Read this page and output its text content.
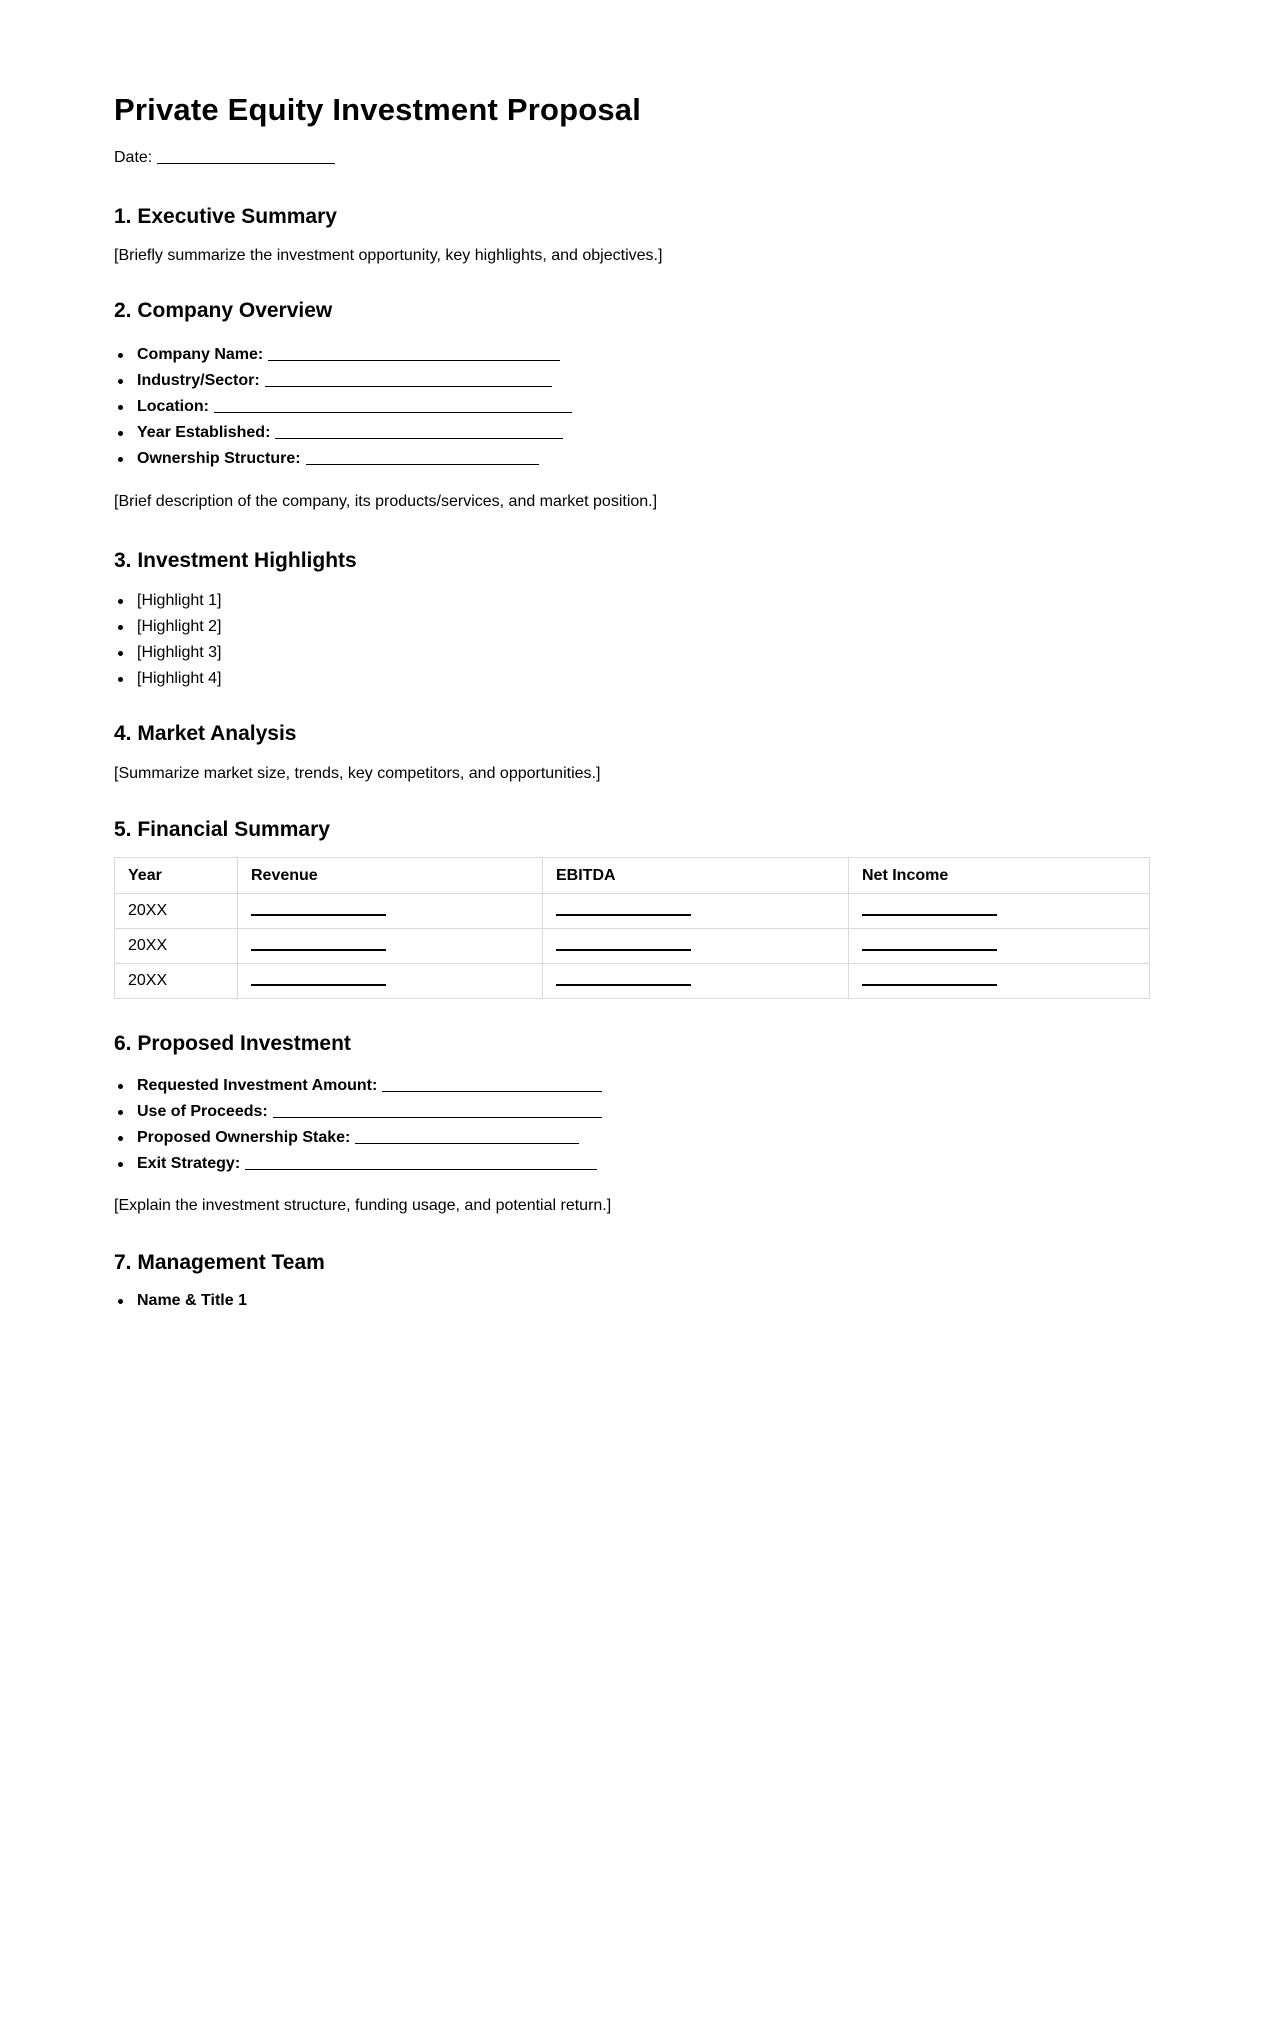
Private Equity Investment Proposal
Date:
1. Executive Summary
[Briefly summarize the investment opportunity, key highlights, and objectives.]
2. Company Overview
Company Name:
Industry/Sector:
Location:
Year Established:
Ownership Structure:
[Brief description of the company, its products/services, and market position.]
3. Investment Highlights
[Highlight 1]
[Highlight 2]
[Highlight 3]
[Highlight 4]
4. Market Analysis
[Summarize market size, trends, key competitors, and opportunities.]
5. Financial Summary
Year	Revenue	EBITDA	Net Income
20XX			
20XX			
20XX			
6. Proposed Investment
Requested Investment Amount:
Use of Proceeds:
Proposed Ownership Stake:
Exit Strategy:
[Explain the investment structure, funding usage, and potential return.]
7. Management Team
Name & Title 1
